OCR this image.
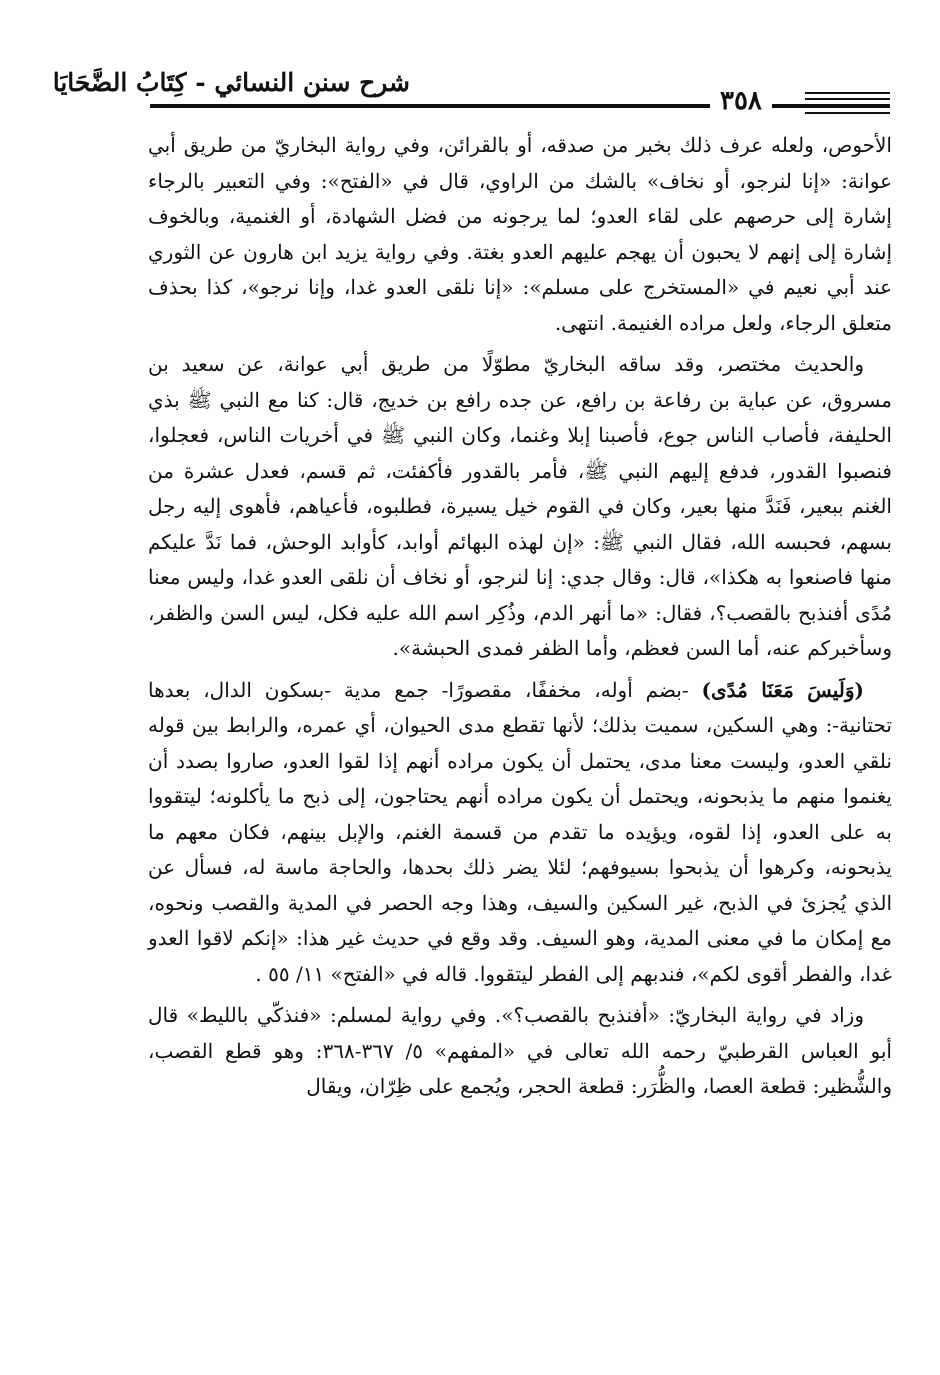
٣٥٨
شرح سنن النسائي - كِتَابُ الضَّحَايَا

الأحوص، ولعله عرف ذلك بخبر من صدقه، أو بالقرائن، وفي رواية البخاريّ من طريق أبي عوانة: «إنا لنرجو، أو نخاف» بالشك من الراوي، قال في «الفتح»: وفي التعبير بالرجاء إشارة إلى حرصهم على لقاء العدو؛ لما يرجونه من فضل الشهادة، أو الغنمية، وبالخوف إشارة إلى إنهم لا يحبون أن يهجم عليهم العدو بغتة. وفي رواية يزيد ابن هارون عن الثوري عند أبي نعيم في «المستخرج على مسلم»: «إنا نلقى العدو غدا، وإنا نرجو»، كذا بحذف متعلق الرجاء، ولعل مراده الغنيمة. انتهى.

والحديث مختصر، وقد ساقه البخاريّ مطوّلًا من طريق أبي عوانة، عن سعيد بن مسروق، عن عباية بن رفاعة بن رافع، عن جده رافع بن خديج، قال: كنا مع النبي ﷺ بذي الحليفة، فأصاب الناس جوع، فأصبنا إبلا وغنما، وكان النبي ﷺ في أخريات الناس، فعجلوا، فنصبوا القدور، فدفع إليهم النبي ﷺ، فأمر بالقدور فأكفئت، ثم قسم، فعدل عشرة من الغنم ببعير، فَنَدَّ منها بعير، وكان في القوم خيل يسيرة، فطلبوه، فأعياهم، فأهوى إليه رجل بسهم، فحبسه الله، فقال النبي ﷺ: «إن لهذه البهائم أوابد، كأوابد الوحش، فما نَدَّ عليكم منها فاصنعوا به هكذا»، قال: وقال جدي: إنا لنرجو، أو نخاف أن نلقى العدو غدا، وليس معنا مُدًى أفنذبح بالقصب؟، فقال: «ما أنهر الدم، وذُكِر اسم الله عليه فكل، ليس السن والظفر، وسأخبركم عنه، أما السن فعظم، وأما الظفر فمدى الحبشة».

(وَلَيسَ مَعَنَا مُدًى) -بضم أوله، مخففًا، مقصورًا- جمع مدية -بسكون الدال، بعدها تحتانية-: وهي السكين، سميت بذلك؛ لأنها تقطع مدى الحيوان، أي عمره، والرابط بين قوله نلقي العدو، وليست معنا مدى، يحتمل أن يكون مراده أنهم إذا لقوا العدو، صاروا بصدد أن يغنموا منهم ما يذبحونه، ويحتمل أن يكون مراده أنهم يحتاجون، إلى ذبح ما يأكلونه؛ ليتقووا به على العدو، إذا لقوه، ويؤيده ما تقدم من قسمة الغنم، والإبل بينهم، فكان معهم ما يذبحونه، وكرهوا أن يذبحوا بسيوفهم؛ لئلا يضر ذلك بحدها، والحاجة ماسة له، فسأل عن الذي يُجزئ في الذبح، غير السكين والسيف، وهذا وجه الحصر في المدية والقصب ونحوه، مع إمكان ما في معنى المدية، وهو السيف. وقد وقع في حديث غير هذا: «إنكم لاقوا العدو غدا، والفطر أقوى لكم»، فندبهم إلى الفطر ليتقووا. قاله في «الفتح» ١١/ ٥٥ .

وزاد في رواية البخاريّ: «أفنذبح بالقصب؟». وفي رواية لمسلم: «فنذكّي بالليط» قال أبو العباس القرطبيّ رحمه الله تعالى في «المفهم» ٥/ ٣٦٧-٣٦٨: وهو قطع القصب، والشُّظير: قطعة العصا، والظُّرَر: قطعة الحجر، ويُجمع على ظِرّان، ويقال
